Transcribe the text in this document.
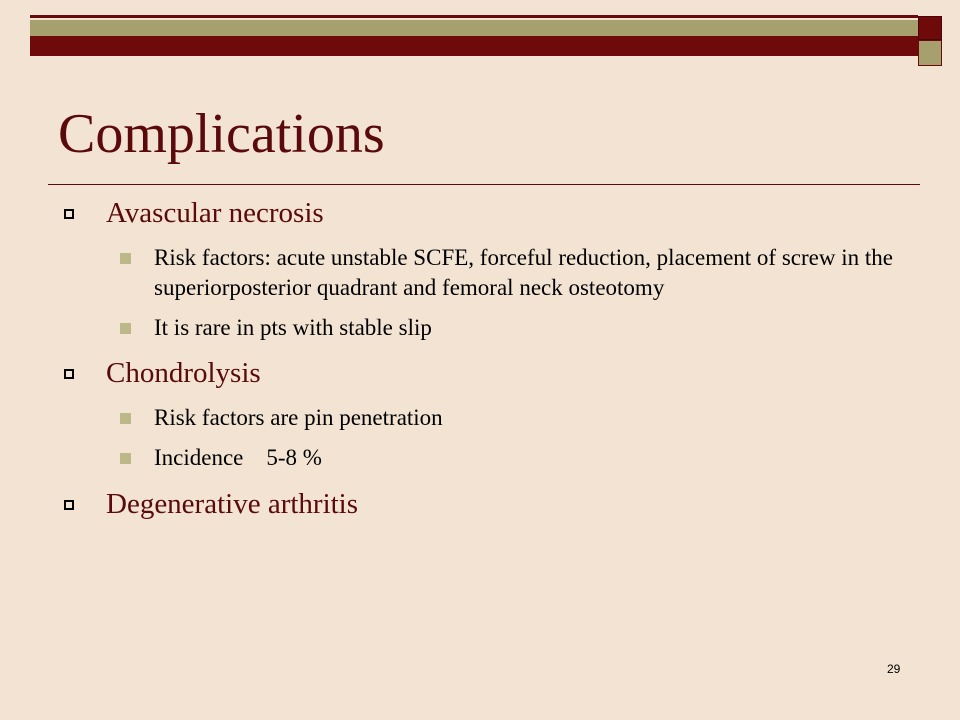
Complications

Avascular necrosis

Risk factors: acute unstable SCFE, forceful reduction, placement of screw in the superiorposterior quadrant and femoral neck osteotomy

It is rare in pts with stable slip

Chondrolysis

Risk factors are pin penetration

Incidence    5-8 %

Degenerative arthritis

29
